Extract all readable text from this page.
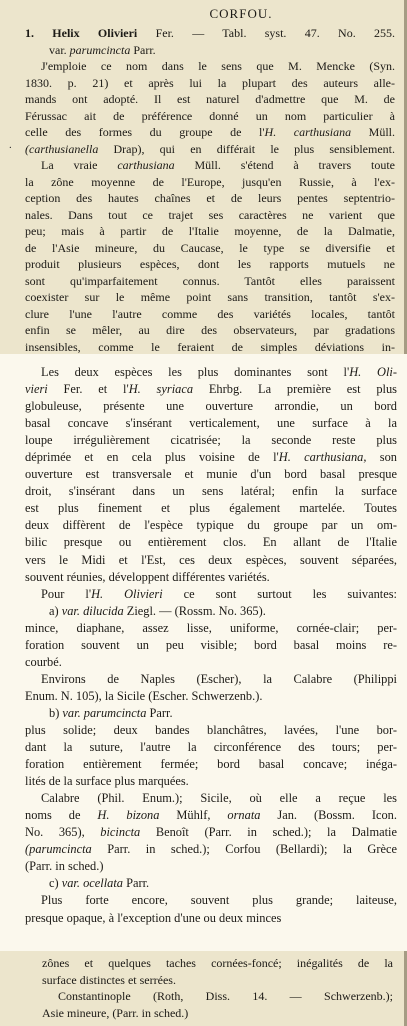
CORFOU.
1. Helix Olivieri Fer. — Tabl. syst. 47. No. 255.
var. parumcincta Parr.
J'emploie ce nom dans le sens que M. Mencke (Syn.
1830. p. 21) et après lui la plupart des auteurs alle-
mands ont adopté. Il est naturel d'admettre que M. de
Férussac ait de préférence donné un nom particulier à
celle des formes du groupe de l'H. carthusiana Müll.
(carthusianella Drap), qui en différait le plus sensiblement.
La vraie carthusiana Müll. s'étend à travers toute
la zône moyenne de l'Europe, jusqu'en Russie, à l'ex-
ception des hautes chaînes et de leurs pentes septentrio-
nales. Dans tout ce trajet ses caractères ne varient que
peu; mais à partir de l'Italie moyenne, de la Dalmatie,
de l'Asie mineure, du Caucase, le type se diversifie et
produit plusieurs espèces, dont les rapports mutuels ne
sont qu'imparfaitement connus. Tantôt elles paraissent
coexister sur le même point sans transition, tantôt s'ex-
clure l'une l'autre comme des variétés locales, tantôt
enfin se mêler, au dire des observateurs, par gradations
insensibles, comme le feraient de simples déviations in-
.
Les deux espèces les plus dominantes sont l'H. Oli-
vieri Fer. et l'H. syriaca Ehrbg. La première est plus
globuleuse, présente une ouverture arrondie, un bord
basal concave s'insérant verticalement, une surface à la
loupe irrégulièrement cicatrisée; la seconde reste plus
déprimée et en cela plus voisine de l'H. carthusiana, son
ouverture est transversale et munie d'un bord basal presque
droit, s'insérant dans un sens latéral; enfin la surface
est plus finement et plus également martelée. Toutes
deux diffèrent de l'espèce typique du groupe par un om-
bilic presque ou entièrement clos. En allant de l'Italie
vers le Midi et l'Est, ces deux espèces, souvent séparées,
souvent réunies, développent différentes variétés.
Pour l'H. Olivieri ce sont surtout les suivantes:
a) var. dilucida Ziegl. — (Rossm. No. 365).
mince, diaphane, assez lisse, uniforme, cornée-clair; per-
foration souvent un peu visible; bord basal moins re-
courbé.
Environs de Naples (Escher), la Calabre (Philippi
Enum. N. 105), la Sicile (Escher. Schwerzenb.).
b) var. parumcincta Parr.
plus solide; deux bandes blanchâtres, lavées, l'une bor-
dant la suture, l'autre la circonférence des tours; per-
foration entièrement fermée; bord basal concave; inéga-
lités de la surface plus marquées.
Calabre (Phil. Enum.); Sicile, où elle a reçue les
noms de H. bizona Mühlf, ornata Jan. (Bossm. Icon.
No. 365), bicincta Benoît (Parr. in sched.); la Dalmatie
(parumcincta Parr. in sched.); Corfou (Bellardi); la Grèce
(Parr. in sched.)
c) var. ocellata Parr.
Plus forte encore, souvent plus grande; laiteuse,
presque opaque, à l'exception d'une ou deux minces
zônes et quelques taches cornées-foncé; inégalités de la
surface distinctes et serrées.
Constantinople (Roth, Diss. 14. — Schwerzenb.);
Asie mineure, (Parr. in sched.)
